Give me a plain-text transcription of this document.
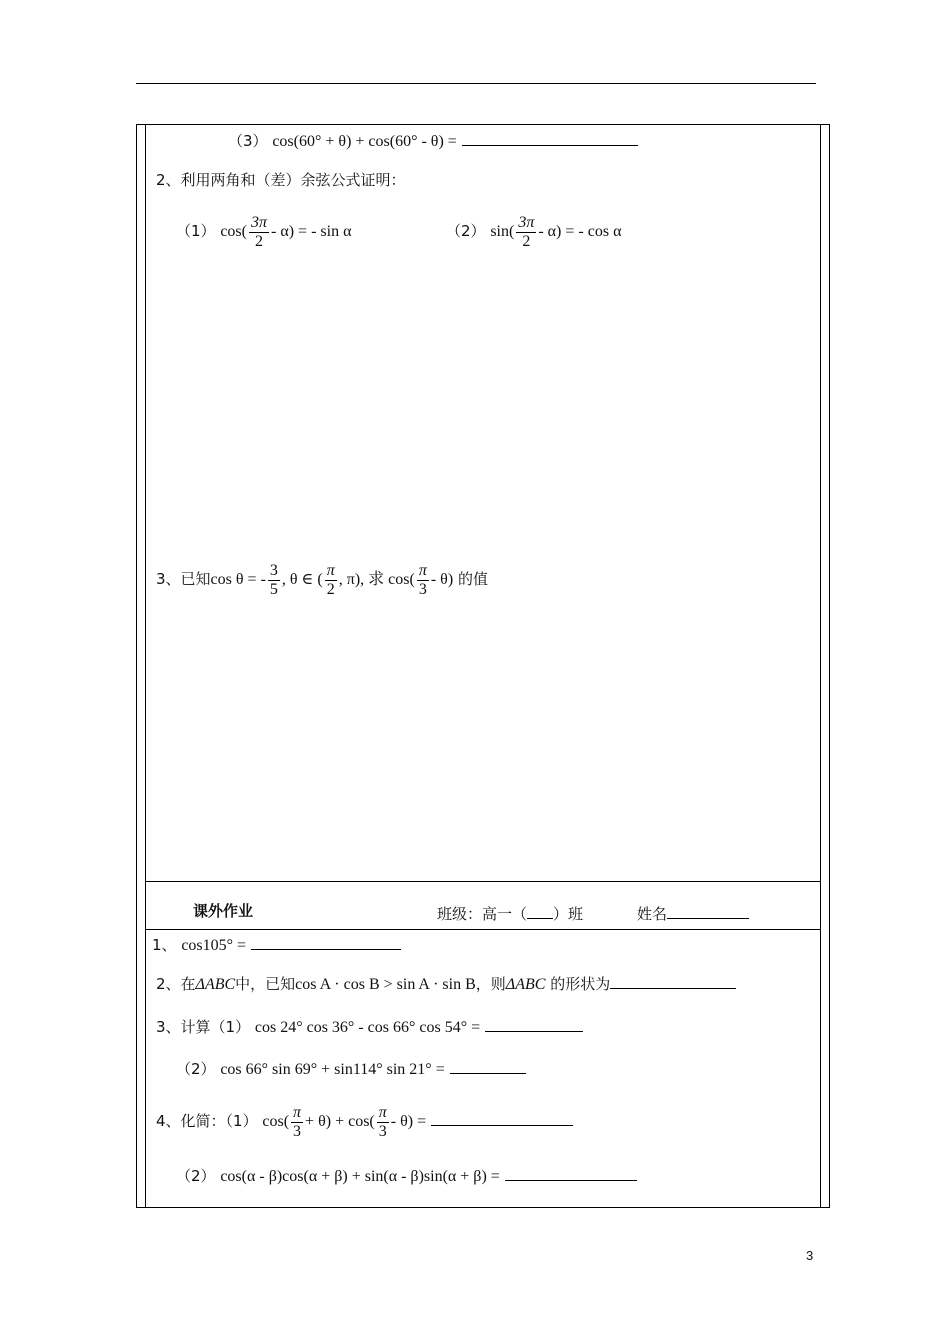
（3） cos(60° + θ) + cos(60° - θ) =
2、利用两角和（差）余弦公式证明：
（1） $\cos( \frac{3\pi}{2} - \alpha)$ = - sin α	（2） $\sin( \frac{3\pi}{2} - \alpha)$ = - cos α
3、已知cos θ = - $\frac{3}{5}$ , θ ∈ ( $\frac{\pi}{2}$ , π), 求 $\cos( \frac{\pi}{3} - \theta)$ 的值
课外作业	班级：高一（ ）班	姓名
1、 cos105° =
2、在ΔABC中，已知cos A · cos B > sin A · sin B，则ΔABC 的形状为
3、计算（1） cos 24° cos 36° - cos 66° cos 54° =
（2） cos 66° sin 69° + sin114° sin 21° =
4、化简：（1） $\cos( \frac{\pi}{3} + \theta) + \cos( \frac{\pi}{3} - \theta)$ =
（2） cos(α - β)cos(α + β) + sin(α - β)sin(α + β) =
3
